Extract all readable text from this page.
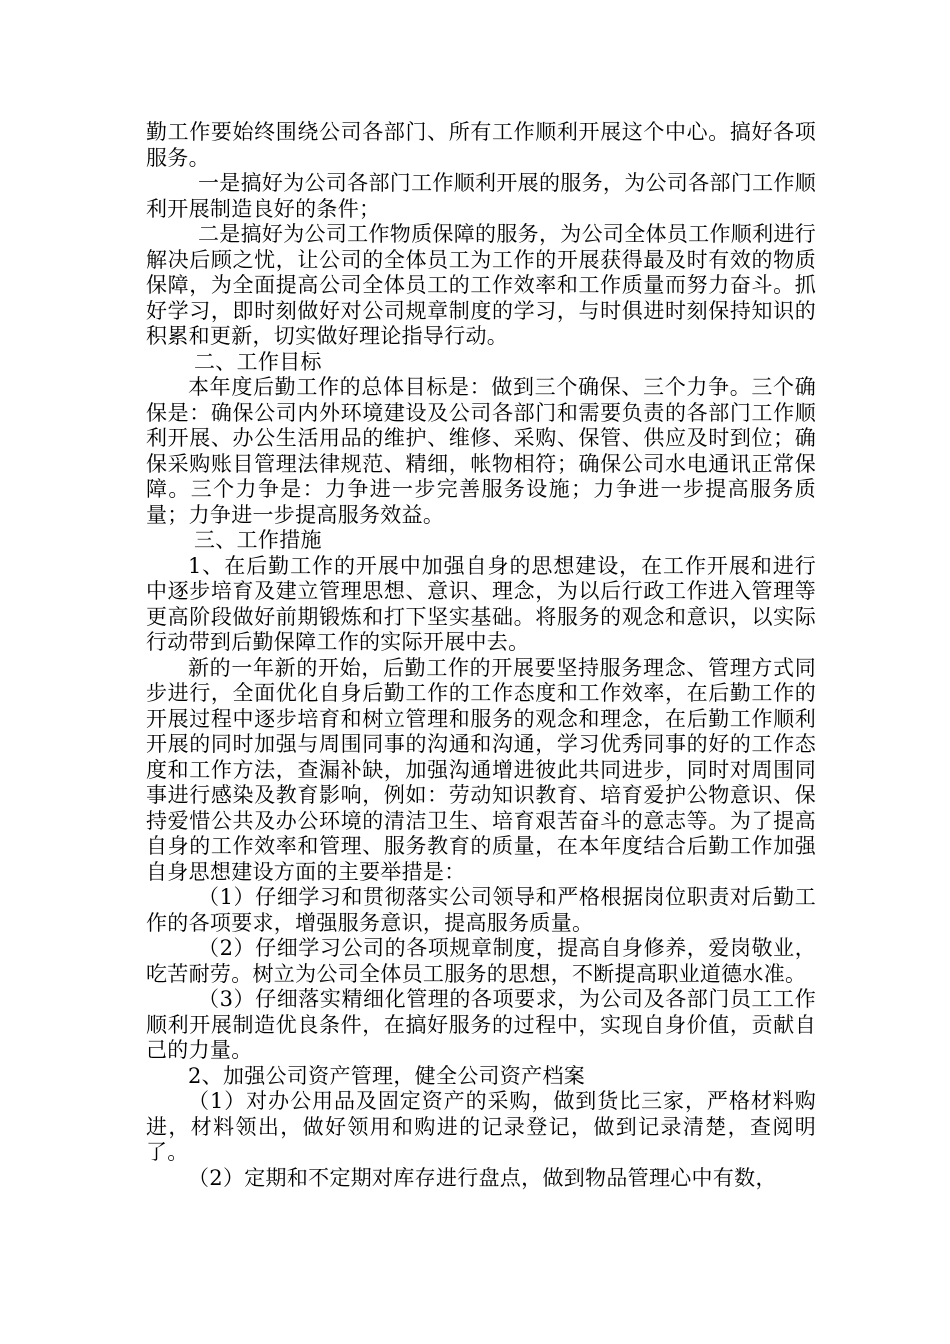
勤工作要始终围绕公司各部门、所有工作顺利开展这个中心。搞好各项服务。

一是搞好为公司各部门工作顺利开展的服务，为公司各部门工作顺利开展制造良好的条件；

二是搞好为公司工作物质保障的服务，为公司全体员工作顺利进行解决后顾之忧，让公司的全体员工为工作的开展获得最及时有效的物质保障，为全面提高公司全体员工的工作效率和工作质量而努力奋斗。抓好学习，即时刻做好对公司规章制度的学习，与时俱进时刻保持知识的积累和更新，切实做好理论指导行动。

二、工作目标

本年度后勤工作的总体目标是：做到三个确保、三个力争。三个确保是：确保公司内外环境建设及公司各部门和需要负责的各部门工作顺利开展、办公生活用品的维护、维修、采购、保管、供应及时到位；确保采购账目管理法律规范、精细，帐物相符；确保公司水电通讯正常保障。三个力争是：力争进一步完善服务设施；力争进一步提高服务质量；力争进一步提高服务效益。

三、工作措施

1、在后勤工作的开展中加强自身的思想建设，在工作开展和进行中逐步培育及建立管理思想、意识、理念，为以后行政工作进入管理等更高阶段做好前期锻炼和打下坚实基础。将服务的观念和意识，以实际行动带到后勤保障工作的实际开展中去。

新的一年新的开始，后勤工作的开展要坚持服务理念、管理方式同步进行，全面优化自身后勤工作的工作态度和工作效率，在后勤工作的开展过程中逐步培育和树立管理和服务的观念和理念，在后勤工作顺利开展的同时加强与周围同事的沟通和沟通，学习优秀同事的好的工作态度和工作方法，查漏补缺，加强沟通增进彼此共同进步，同时对周围同事进行感染及教育影响，例如：劳动知识教育、培育爱护公物意识、保持爱惜公共及办公环境的清洁卫生、培育艰苦奋斗的意志等。为了提高自身的工作效率和管理、服务教育的质量，在本年度结合后勤工作加强自身思想建设方面的主要举措是：

（1）仔细学习和贯彻落实公司领导和严格根据岗位职责对后勤工作的各项要求，增强服务意识，提高服务质量。

（2）仔细学习公司的各项规章制度，提高自身修养，爱岗敬业，吃苦耐劳。树立为公司全体员工服务的思想，不断提高职业道德水准。

（3）仔细落实精细化管理的各项要求，为公司及各部门员工工作顺利开展制造优良条件，在搞好服务的过程中，实现自身价值，贡献自己的力量。

2、加强公司资产管理，健全公司资产档案

（1）对办公用品及固定资产的采购，做到货比三家，严格材料购进，材料领出，做好领用和购进的记录登记，做到记录清楚，查阅明了。

（2）定期和不定期对库存进行盘点，做到物品管理心中有数，
